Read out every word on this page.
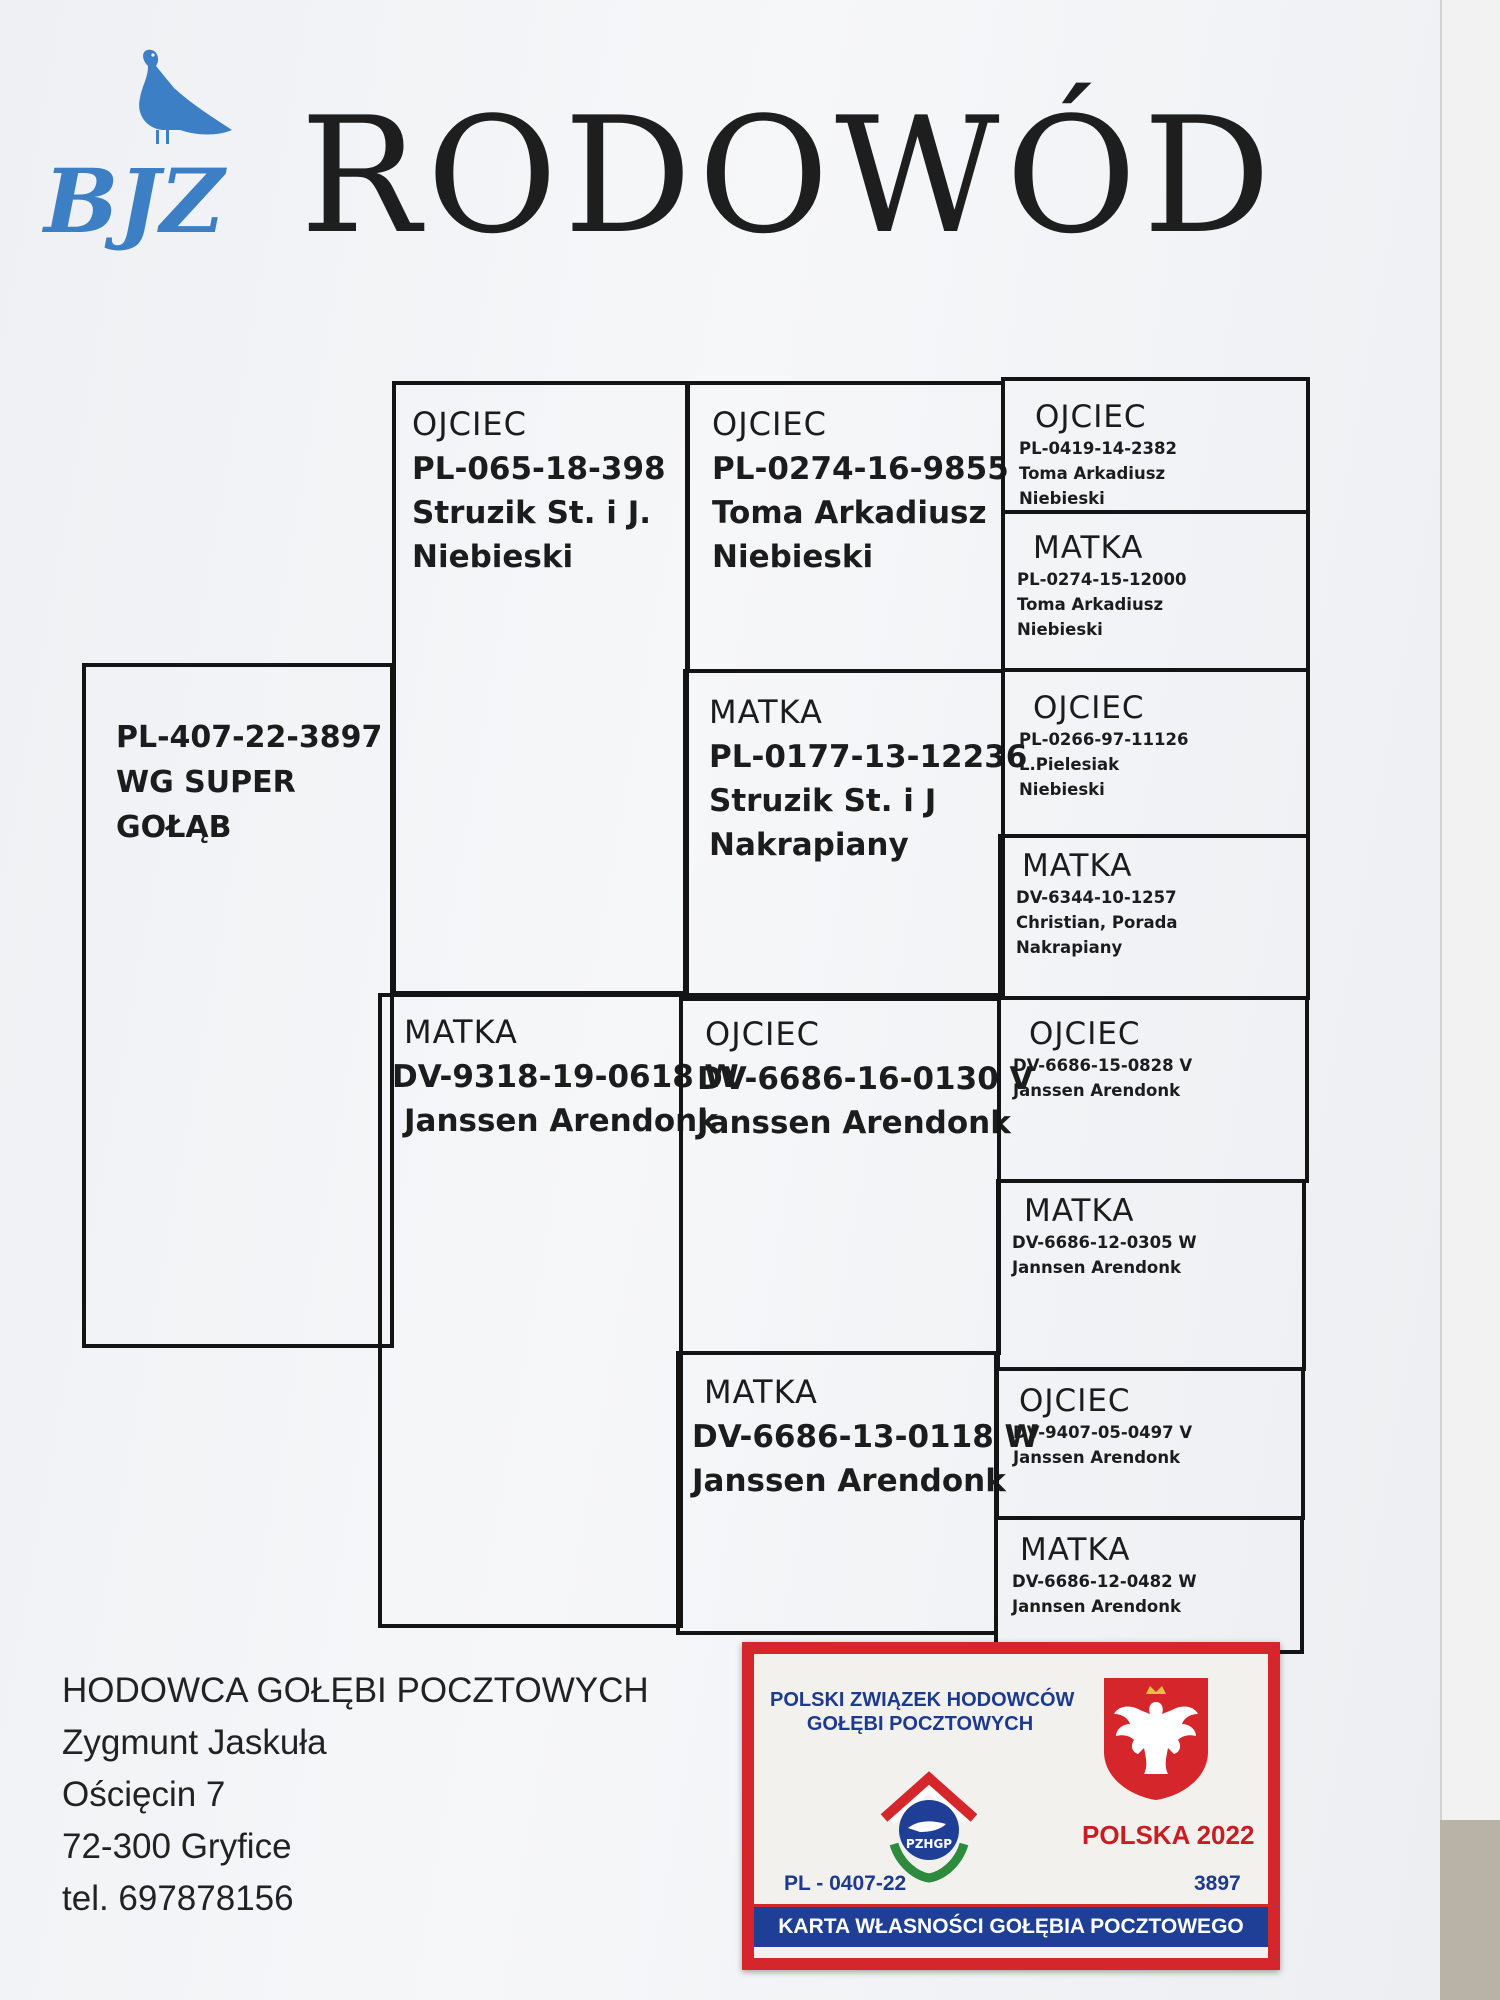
BJZ RODOWÓD
PL-407-22-3897
WG SUPER
GOŁĄB
OJCIEC
PL-065-18-398
Struzik St. i J.
Niebieski
MATKA
DV-9318-19-0618 W
Janssen Arendonk
OJCIEC
PL-0274-16-9855
Toma Arkadiusz
Niebieski
MATKA
PL-0177-13-12236
Struzik St. i J
Nakrapiany
OJCIEC
DV-6686-16-0130 V
Janssen Arendonk
MATKA
DV-6686-13-0118 W
Janssen Arendonk
OJCIEC
PL-0419-14-2382
Toma Arkadiusz
Niebieski
MATKA
PL-0274-15-12000
Toma Arkadiusz
Niebieski
OJCIEC
PL-0266-97-11126
L.Pielesiak
Niebieski
MATKA
DV-6344-10-1257
Christian, Porada
Nakrapiany
OJCIEC
DV-6686-15-0828 V
Janssen Arendonk
MATKA
DV-6686-12-0305 W
Jannsen Arendonk
OJCIEC
DV-9407-05-0497 V
Janssen Arendonk
MATKA
DV-6686-12-0482 W
Jannsen Arendonk
HODOWCA GOŁĘBI POCZTOWYCH
Zygmunt Jaskuła
Ościęcin 7
72-300 Gryfice
tel. 697878156
POLSKI ZWIĄZEK HODOWCÓW
GOŁĘBI POCZTOWYCH
PZHGP	POLSKA 2022
PL - 0407-22	3897
KARTA WŁASNOŚCI GOŁĘBIA POCZTOWEGO
